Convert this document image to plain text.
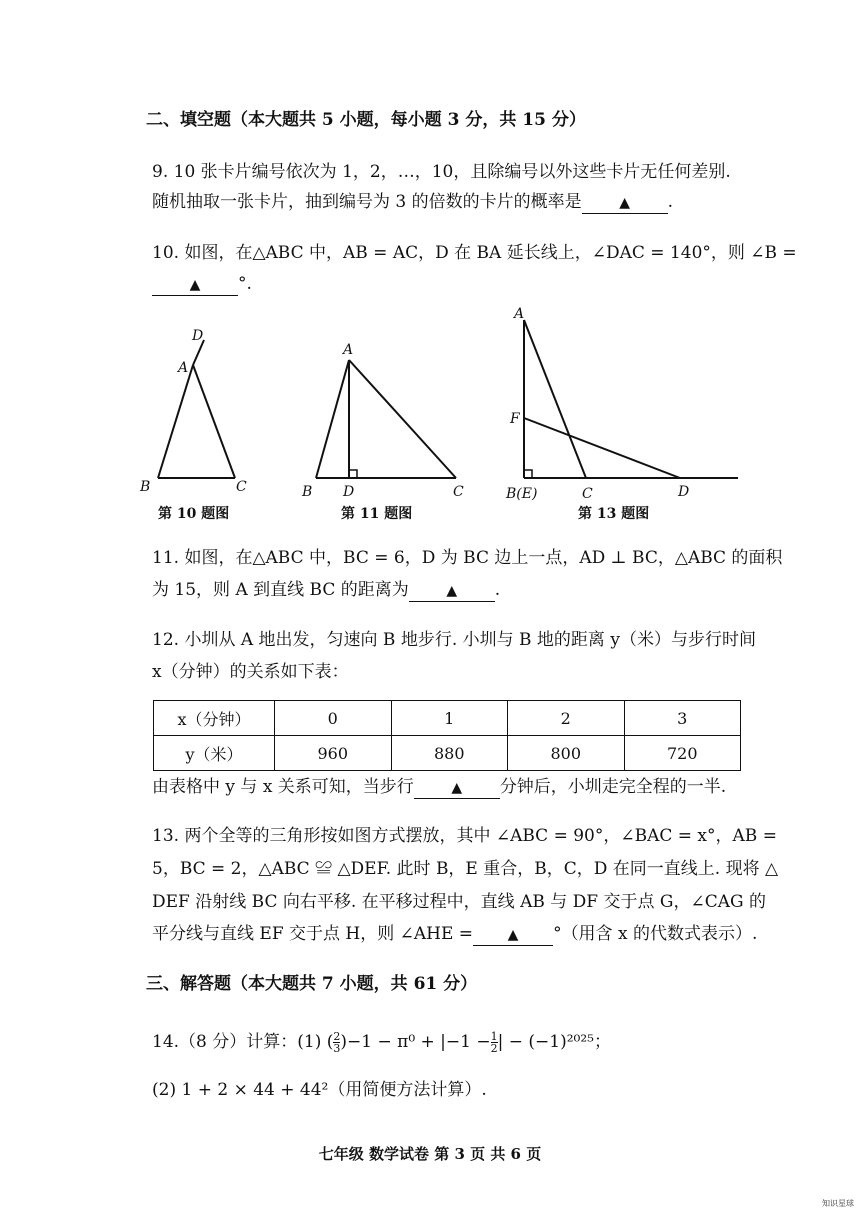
二、填空题（本大题共 5 小题，每小题 3 分，共 15 分）
9. 10 张卡片编号依次为 1，2，…，10，且除编号以外这些卡片无任何差别.
随机抽取一张卡片，抽到编号为 3 的倍数的卡片的概率是	▲ .
10. 如图，在△ABC 中，AB = AC，D 在 BA 延长线上，∠DAC = 140°，则 ∠B =
▲ °.
D
A
B	C
A
B D	C
A
F
B(E)	C	D
第 10 题图	第 11 题图	第 13 题图
11. 如图，在△ABC 中，BC = 6，D 为 BC 边上一点，AD ⊥ BC，△ABC 的面积
为 15，则 A 到直线 BC 的距离为	▲ .
12. 小圳从 A 地出发，匀速向 B 地步行. 小圳与 B 地的距离 y（米）与步行时间
x（分钟）的关系如下表：
x（分钟）	0	1	2	3
y（米）	960	880	800	720
由表格中 y 与 x 关系可知，当步行	▲ 分钟后，小圳走完全程的一半.
13. 两个全等的三角形按如图方式摆放，其中 ∠ABC = 90°，∠BAC = x°，AB =
5，BC = 2，△ABC ≌ △DEF. 此时 B，E 重合，B，C，D 在同一直线上. 现将 △
DEF 沿射线 BC 向右平移. 在平移过程中，直线 AB 与 DF 交于点 G，∠CAG 的
平分线与直线 EF 交于点 H，则 ∠AHE = ▲ °（用含 x 的代数式表示）.
三、解答题（本大题共 7 小题，共 61 分）
14.（8 分）计算：(1) ( $\frac{2}{3} )-1 - \pi^0 + |-1 - \frac{1}{2}$ | − (−1)²⁰²⁵；
(2) 1 + 2 × 44 + 44²（用简便方法计算）.
七年级 数学试卷 第 3 页 共 6 页
知识星球
